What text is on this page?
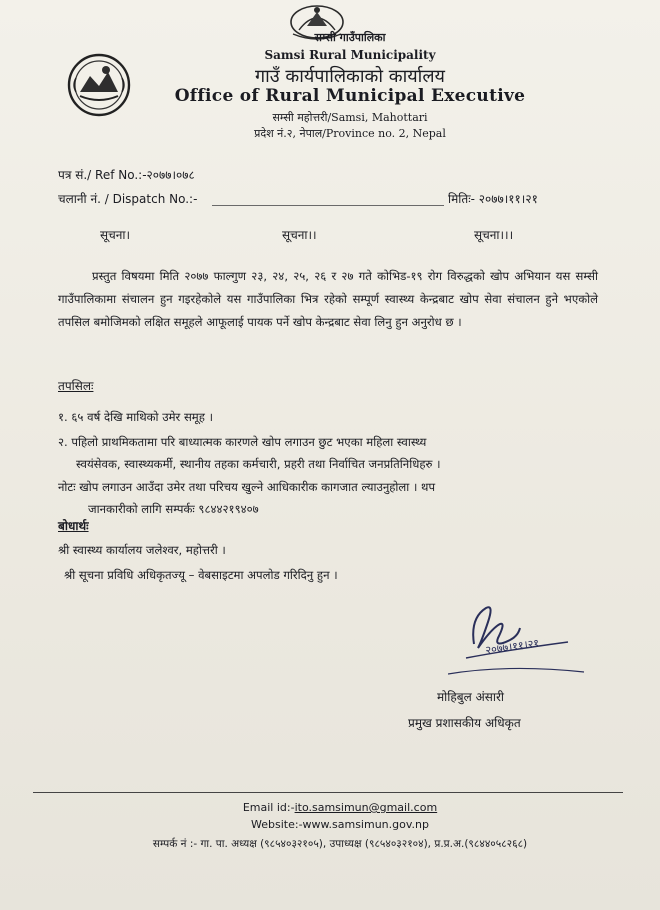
सम्सी गाउँपालिका
Samsi Rural Municipality
गाउँ कार्यपालिकाको कार्यालय
Office of Rural Municipal Executive
सम्सी महोत्तरी/Samsi, Mahottari
प्रदेश नं.२, नेपाल/Province no. 2, Nepal
पत्र सं./ Ref No.:-२०७७।०७८
चलानी नं. / Dispatch No.:-	मितिः- २०७७।११।२१
सूचना।	सूचना।।	सूचना।।।
प्रस्तुत विषयमा मिति २०७७ फाल्गुण २३, २४, २५, २६ र २७ गते कोभिड-१९ रोग विरुद्धको खोप अभियान यस सम्सी गाउँपालिकामा संचालन हुन गइरहेकोले यस गाउँपालिका भित्र रहेको सम्पूर्ण स्वास्थ्य केन्द्रबाट खोप सेवा संचालन हुने भएकोले तपसिल बमोजिमको लक्षित समूहले आफूलाई पायक पर्ने खोप केन्द्रबाट सेवा लिनु हुन अनुरोध छ ।
तपसिलः
१. ६५ वर्ष देखि माथिको उमेर समूह ।
२. पहिलो प्राथमिकतामा परि बाध्यात्मक कारणले खोप लगाउन छुट भएका महिला स्वास्थ्य
स्वयंसेवक, स्वास्थ्यकर्मी, स्थानीय तहका कर्मचारी, प्रहरी तथा निर्वाचित जनप्रतिनिधिहरु ।
नोटः खोप लगाउन आउँदा उमेर तथा परिचय खुल्ने आधिकारीक कागजात ल्याउनुहोला । थप
जानकारीको लागि सम्पर्कः ९८४४२१९४०७
बोधार्थः
श्री स्वास्थ्य कार्यालय जलेश्वर, महोत्तरी ।
श्री सूचना प्रविधि अधिकृतज्यू – वेबसाइटमा अपलोड गरिदिनु हुन ।
२०७७।११।२१
मोहिबुल अंसारी
प्रमुख प्रशासकीय अधिकृत
Email id:-ito.samsimun@gmail.com
Website:-www.samsimun.gov.np
सम्पर्क नं :- गा. पा. अध्यक्ष (९८५४०३२१०५), उपाध्यक्ष (९८५४०३२१०४), प्र.प्र.अ.(९८४४०५८२६८)
